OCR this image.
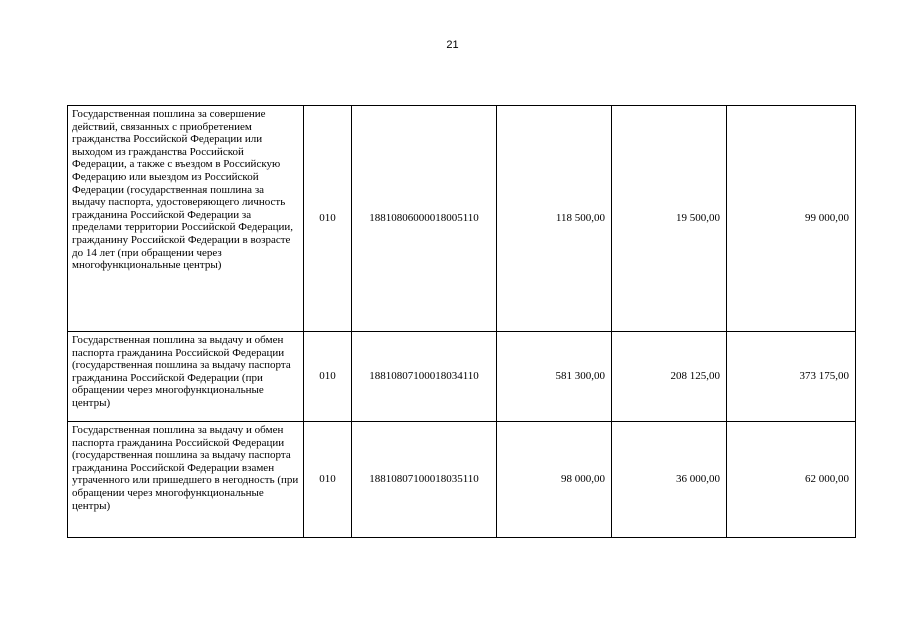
21
Государственная пошлина за совершение действий, связанных с приобретением гражданства Российской Федерации или выходом из гражданства Российской Федерации, а также с въездом в Российскую Федерацию или выездом из Российской Федерации (государственная пошлина за выдачу паспорта, удостоверяющего личность гражданина Российской Федерации за пределами территории Российской Федерации, гражданину Российской Федерации в возрасте до 14 лет (при обращении через многофункциональные центры)	010	18810806000018005110	118 500,00	19 500,00	99 000,00
Государственная пошлина за выдачу и обмен паспорта гражданина Российской Федерации (государственная пошлина за выдачу паспорта гражданина Российской Федерации (при обращении через многофункциональные центры)	010	18810807100018034110	581 300,00	208 125,00	373 175,00
Государственная пошлина за выдачу и обмен паспорта гражданина Российской Федерации (государственная пошлина за выдачу паспорта гражданина Российской Федерации взамен утраченного или пришедшего в негодность (при обращении через многофункциональные центры)	010	18810807100018035110	98 000,00	36 000,00	62 000,00
